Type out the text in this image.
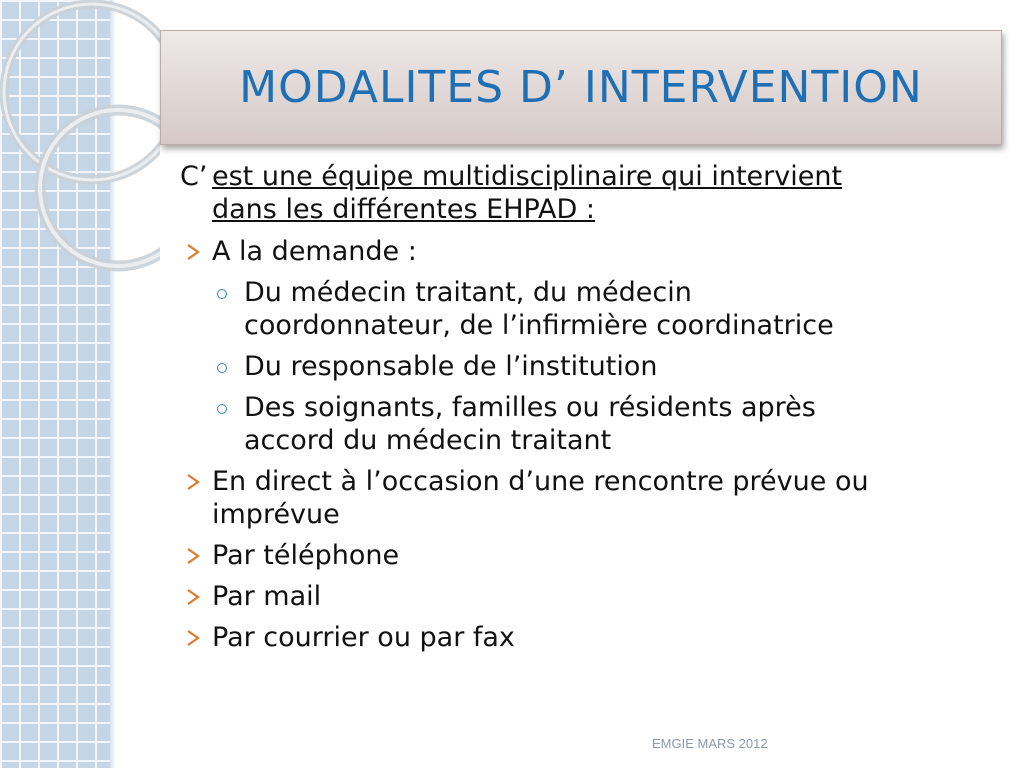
MODALITES D’ INTERVENTION
C’ est une équipe multidisciplinaire qui intervient
dans les différentes EHPAD :
A la demande :
Du médecin traitant, du médecin
coordonnateur, de l’infirmière coordinatrice
Du responsable de l’institution
Des soignants, familles ou résidents après
accord du médecin traitant
En direct à l’occasion d’une rencontre prévue ou
imprévue
Par téléphone
Par mail
Par courrier ou par fax
EMGIE MARS 2012
